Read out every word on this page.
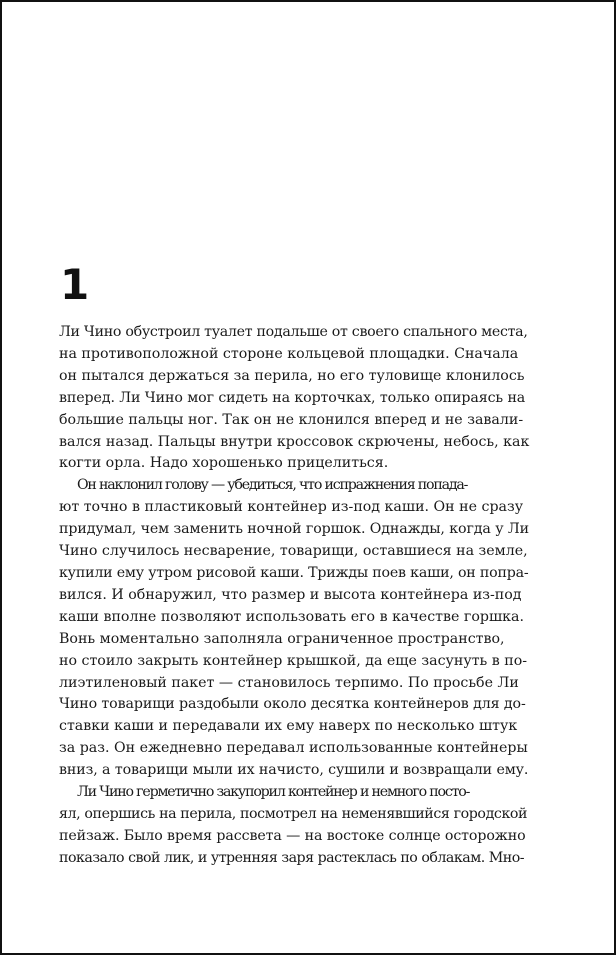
1

Ли Чино обустроил туалет подальше от своего спального места,
на противоположной стороне кольцевой площадки. Сначала
он пытался держаться за перила, но его туловище клонилось
вперед. Ли Чино мог сидеть на корточках, только опираясь на
большие пальцы ног. Так он не клонился вперед и не завали-
вался назад. Пальцы внутри кроссовок скрючены, небось, как
когти орла. Надо хорошенько прицелиться.

Он наклонил голову — убедиться, что испражнения попада-
ют точно в пластиковый контейнер из-под каши. Он не сразу
придумал, чем заменить ночной горшок. Однажды, когда у Ли
Чино случилось несварение, товарищи, оставшиеся на земле,
купили ему утром рисовой каши. Трижды поев каши, он попра-
вился. И обнаружил, что размер и высота контейнера из-под
каши вполне позволяют использовать его в качестве горшка.
Вонь моментально заполняла ограниченное пространство,
но стоило закрыть контейнер крышкой, да еще засунуть в по-
лиэтиленовый пакет — становилось терпимо. По просьбе Ли
Чино товарищи раздобыли около десятка контейнеров для до-
ставки каши и передавали их ему наверх по несколько штук
за раз. Он ежедневно передавал использованные контейнеры
вниз, а товарищи мыли их начисто, сушили и возвращали ему.

Ли Чино герметично закупорил контейнер и немного посто-
ял, опершись на перила, посмотрел на неменявшийся городской
пейзаж. Было время рассвета — на востоке солнце осторожно
показало свой лик, и утренняя заря растеклась по облакам. Мно-
